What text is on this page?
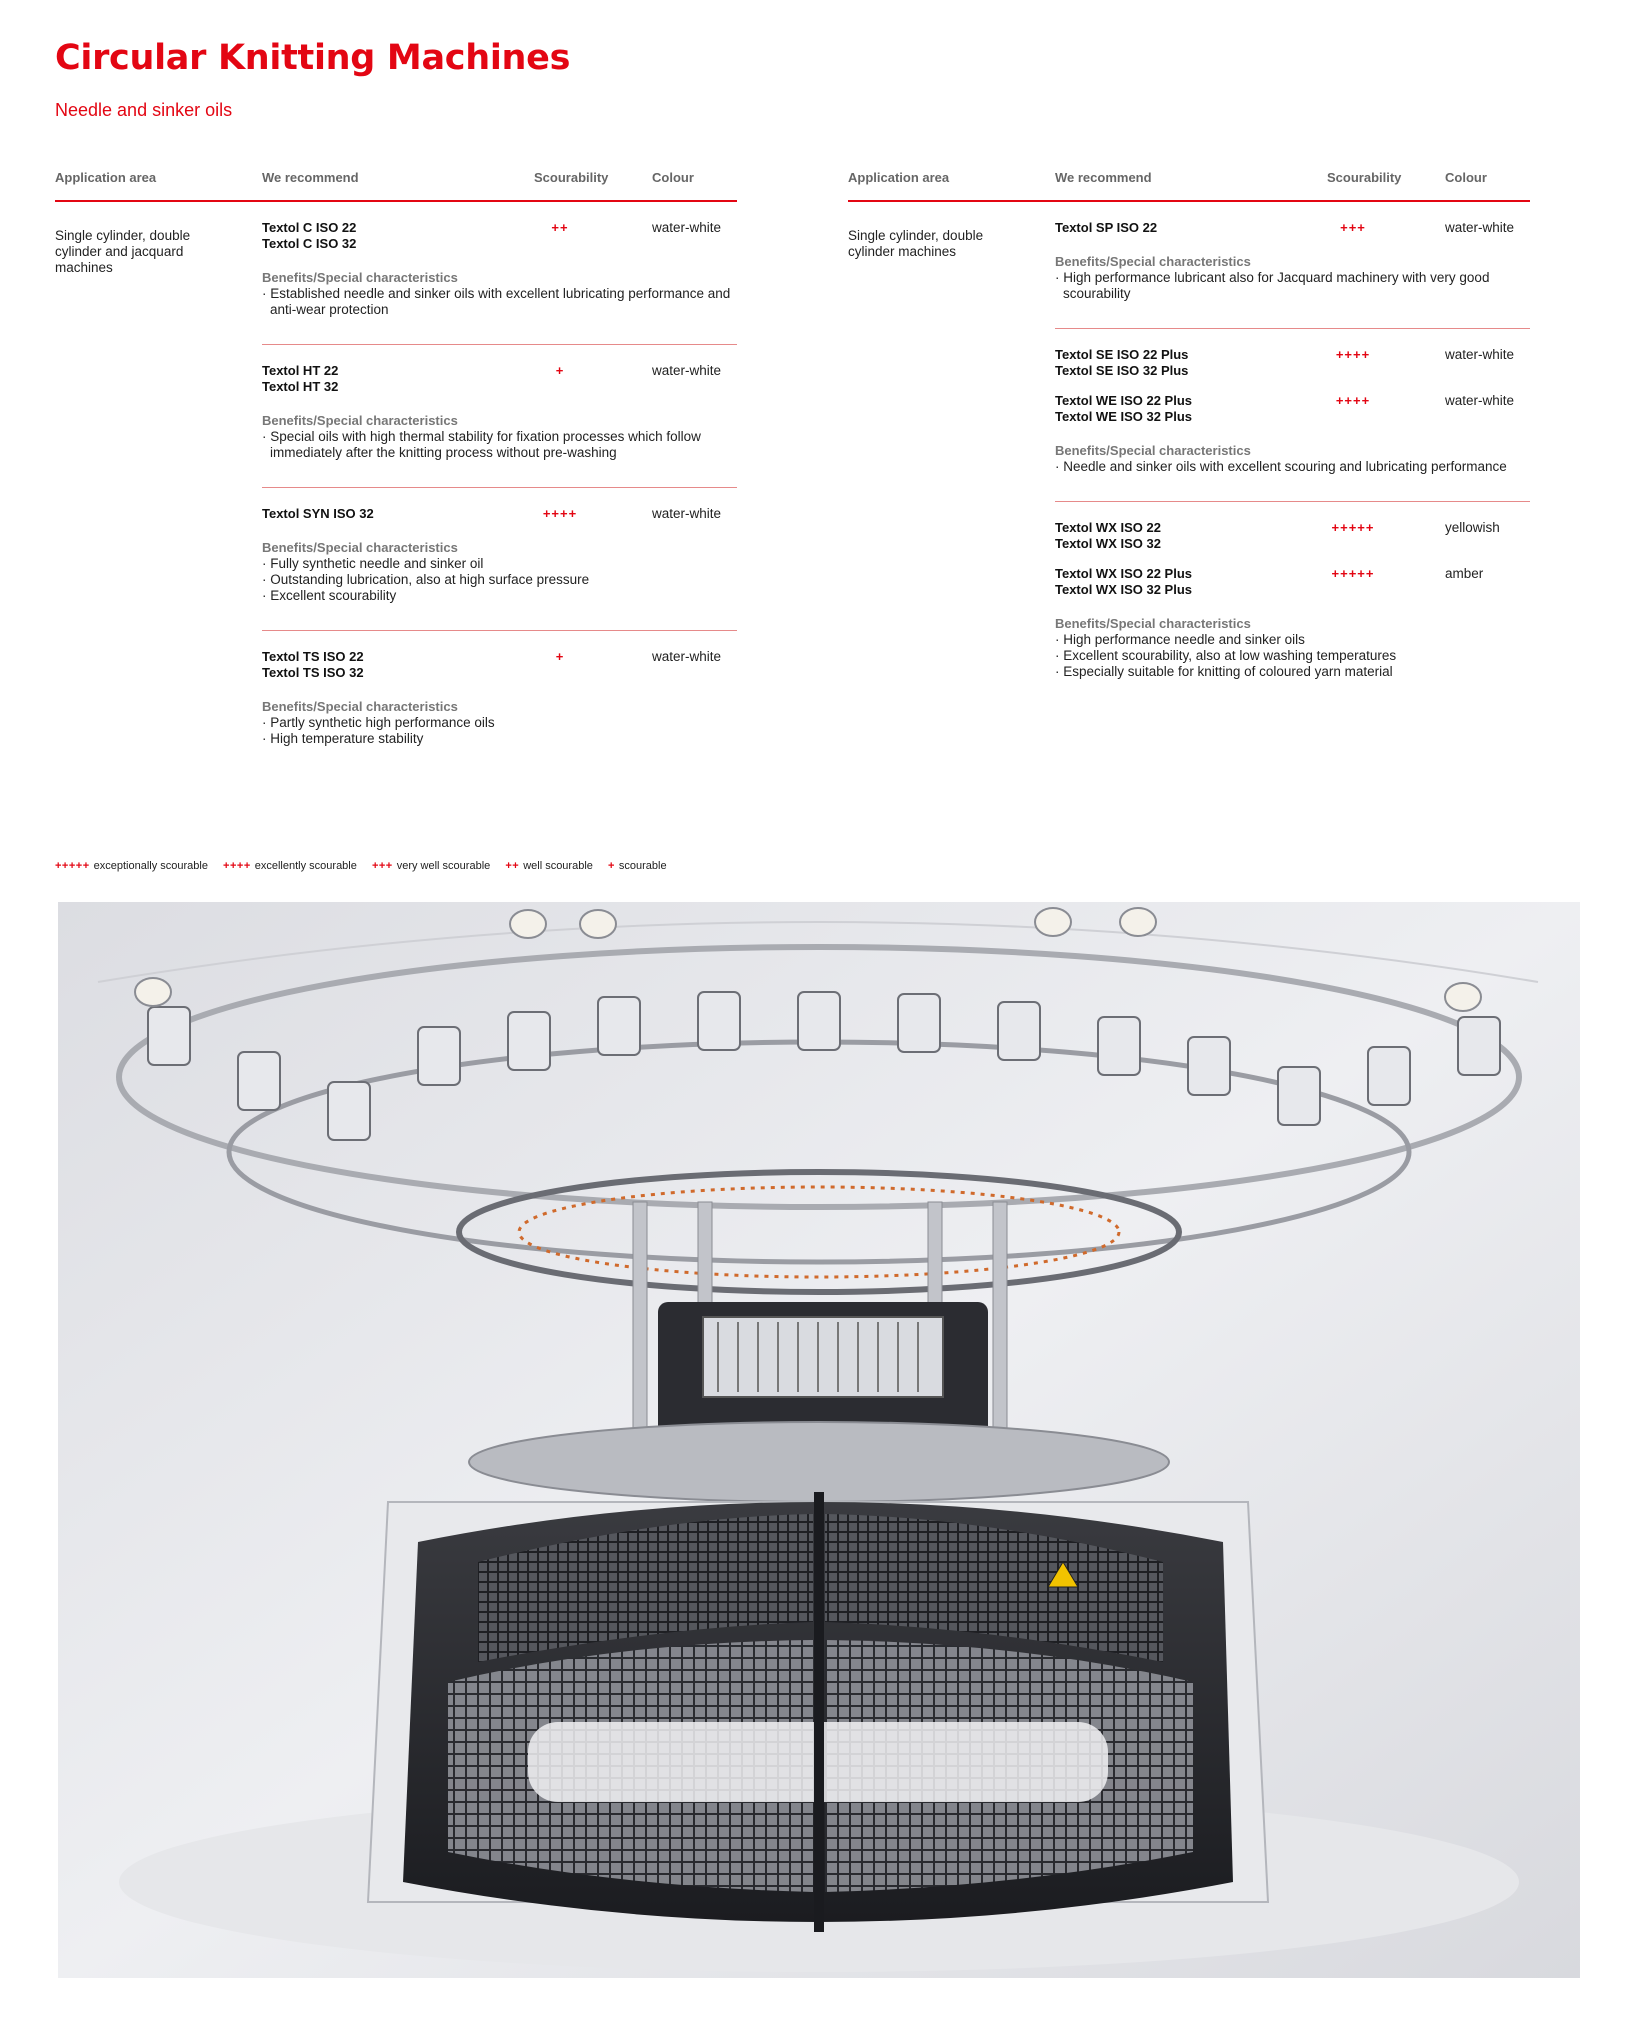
Circular Knitting Machines
Needle and sinker oils
Application area	We recommend	Scourability	Colour
Single cylinder, double cylinder and jacquard machines
Textol C ISO 22
Textol C ISO 32
++	water-white
Benefits/Special characteristics
· Established needle and sinker oils with excellent lubricating performance and anti-wear protection
Textol HT 22
Textol HT 32
+	water-white
Benefits/Special characteristics
· Special oils with high thermal stability for fixation processes which follow immediately after the knitting process without pre-washing
Textol SYN ISO 32	++++	water-white
Benefits/Special characteristics
· Fully synthetic needle and sinker oil
· Outstanding lubrication, also at high surface pressure
· Excellent scourability
Textol TS ISO 22
Textol TS ISO 32
+	water-white
Benefits/Special characteristics
· Partly synthetic high performance oils
· High temperature stability
Application area	We recommend	Scourability	Colour
Single cylinder, double cylinder machines
Textol SP ISO 22	+++	water-white
Benefits/Special characteristics
· High performance lubricant also for Jacquard machinery with very good scourability
Textol SE ISO 22 Plus
Textol SE ISO 32 Plus
++++	water-white
Textol WE ISO 22 Plus
Textol WE ISO 32 Plus
++++	water-white
Benefits/Special characteristics
· Needle and sinker oils with excellent scouring and lubricating performance
Textol WX ISO 22
Textol WX ISO 32
+++++	yellowish
Textol WX ISO 22 Plus
Textol WX ISO 32 Plus
+++++	amber
Benefits/Special characteristics
· High performance needle and sinker oils
· Excellent scourability, also at low washing temperatures
· Especially suitable for knitting of coloured yarn material
+++++ exceptionally scourable ++++ excellently scourable +++ very well scourable ++ well scourable + scourable
